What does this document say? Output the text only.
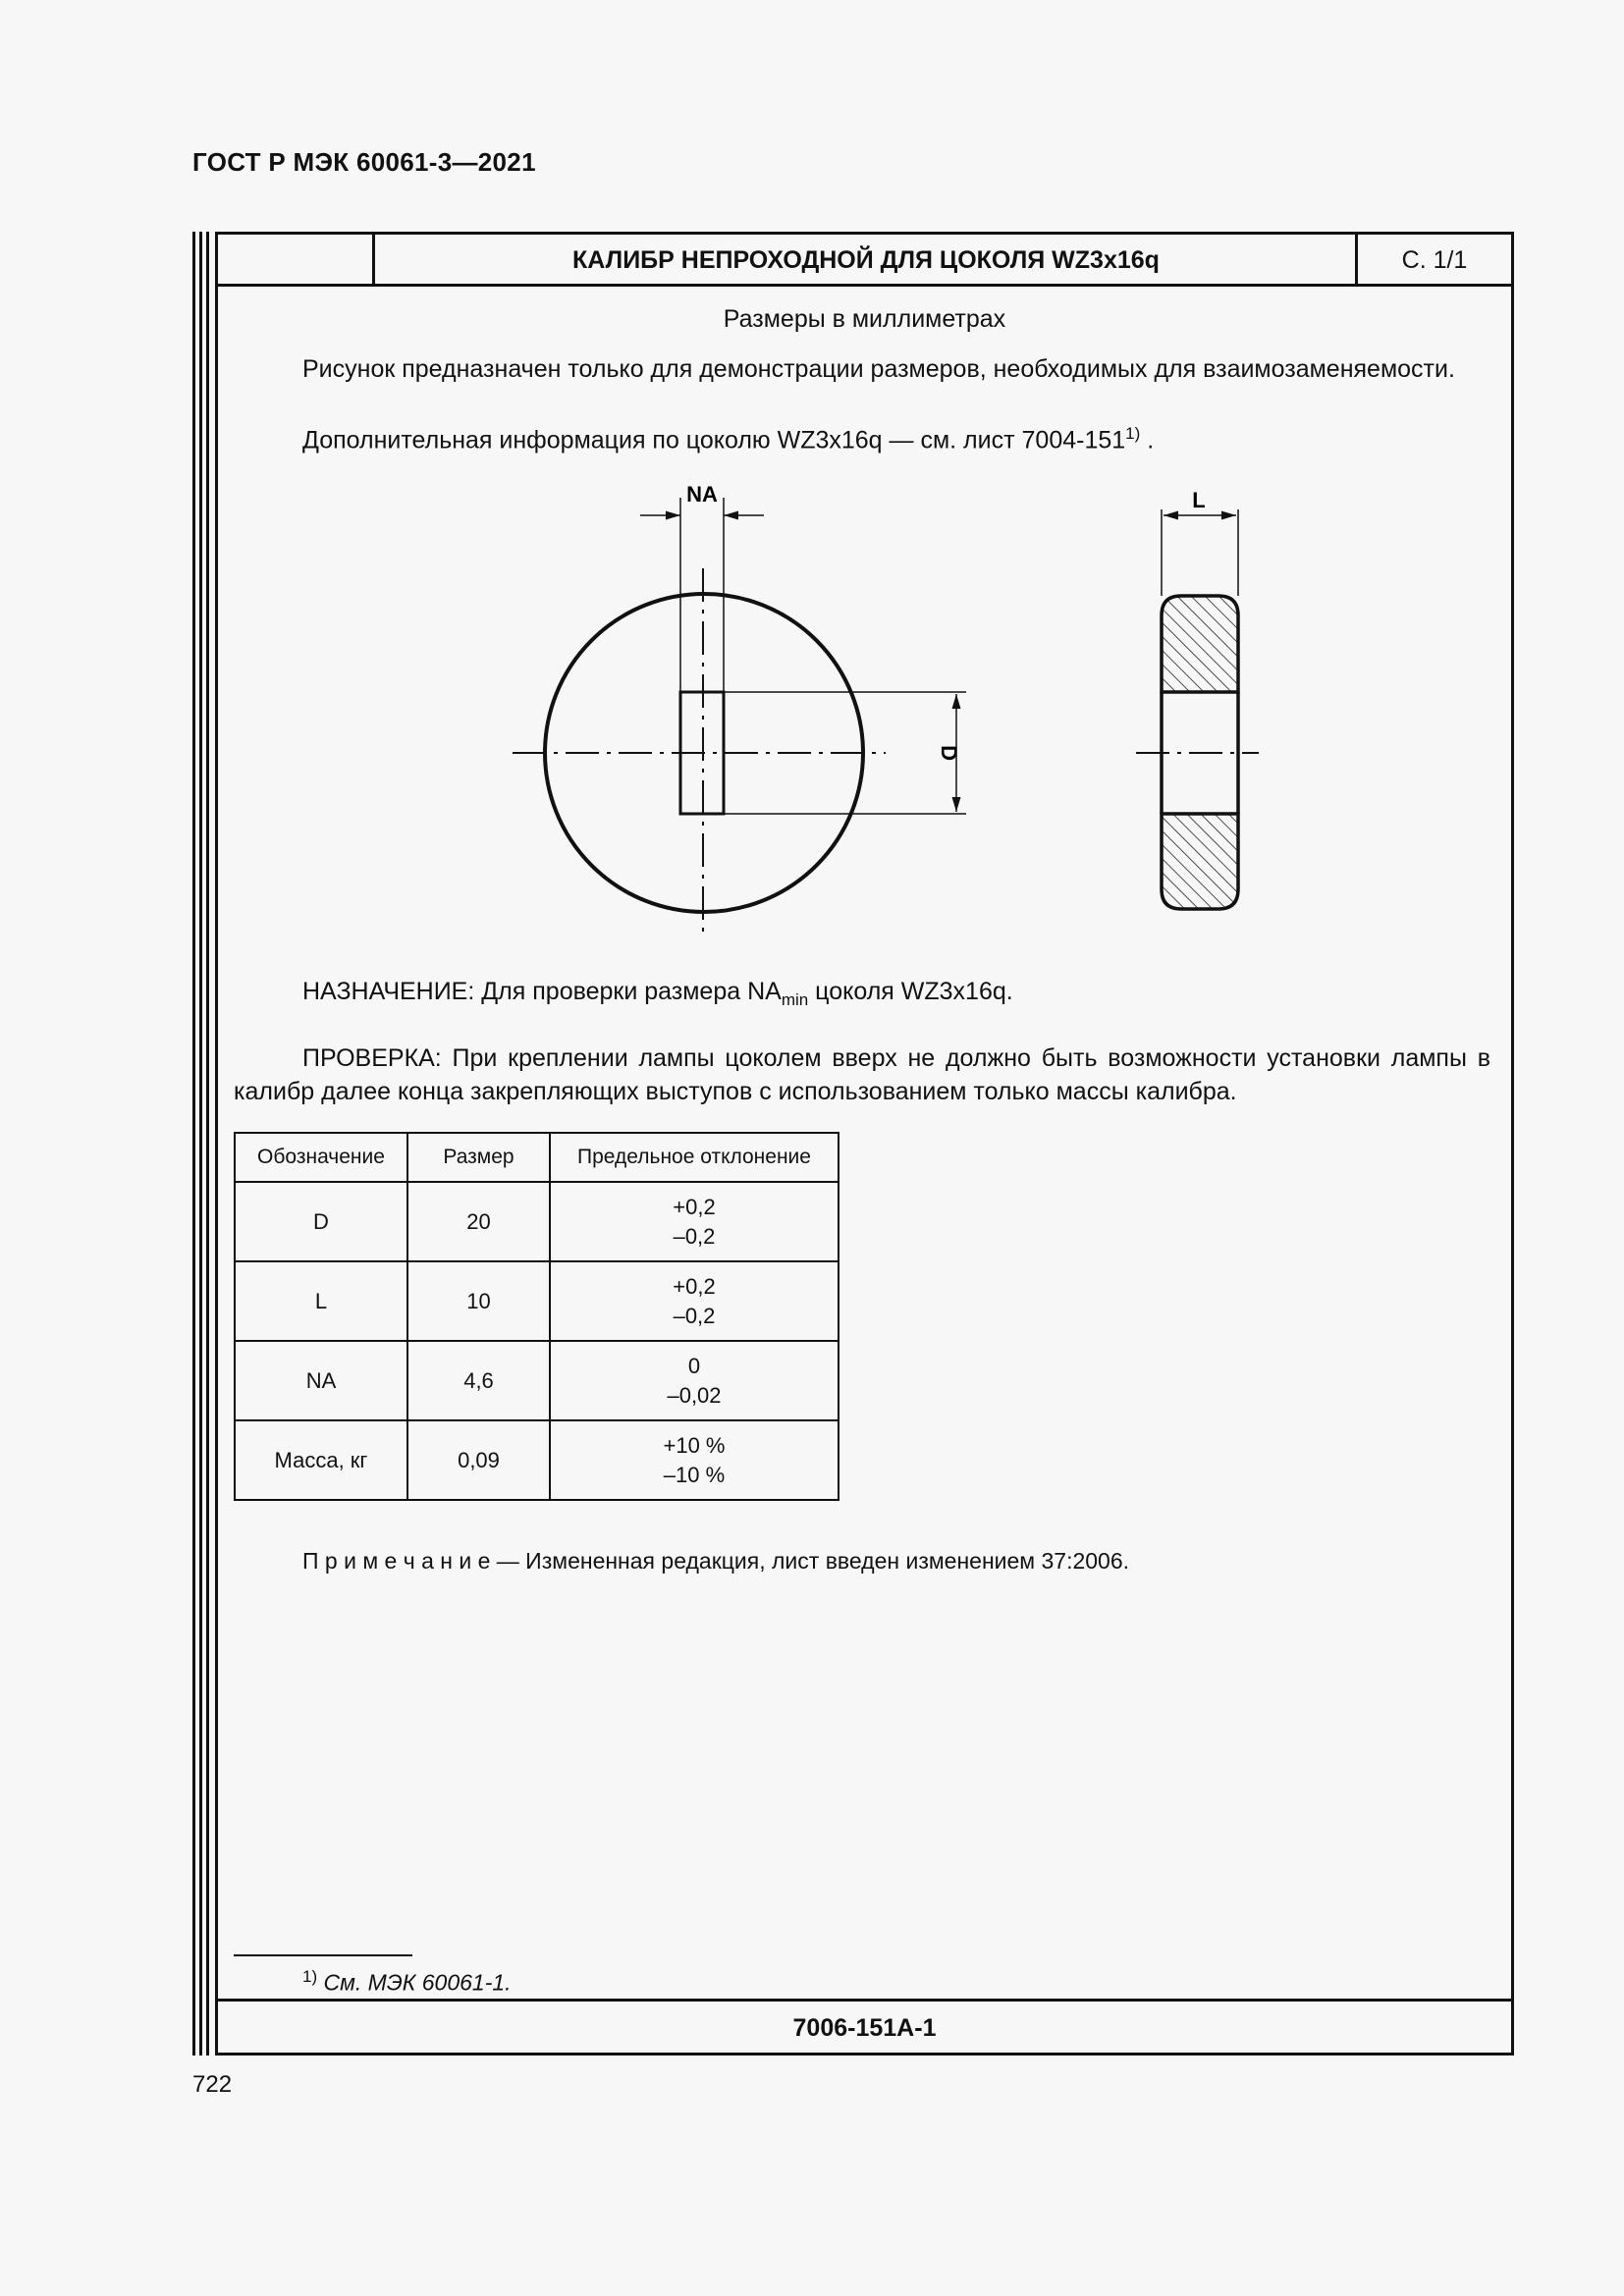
ГОСТ Р МЭК 60061-3—2021
КАЛИБР НЕПРОХОДНОЙ ДЛЯ ЦОКОЛЯ WZ3x16q	С. 1/1
Размеры в миллиметрах
Рисунок предназначен только для демонстрации размеров, необходимых для взаимозаменяемости.
Дополнительная информация по цоколю WZ3x16q — см. лист 7004-151$^{1)}$ .
NA
D
L
НАЗНАЧЕНИЕ: Для проверки размера $NA_{min}$ цоколя WZ3x16q.
ПРОВЕРКА: При креплении лампы цоколем вверх не должно быть возможности установки лампы в калибр далее конца закрепляющих выступов с использованием только массы калибра.
Обозначение	Размер	Предельное отклонение
D	20	+0,2
–0,2

L	10	+0,2
–0,2

NA	4,6	0
–0,02

Масса, кг	0,09	+10 %
–10 %
П р и м е ч а н и е — Измененная редакция, лист введен изменением 37:2006.
$^{1)}$ См. МЭК 60061-1.
7006-151А-1
722
